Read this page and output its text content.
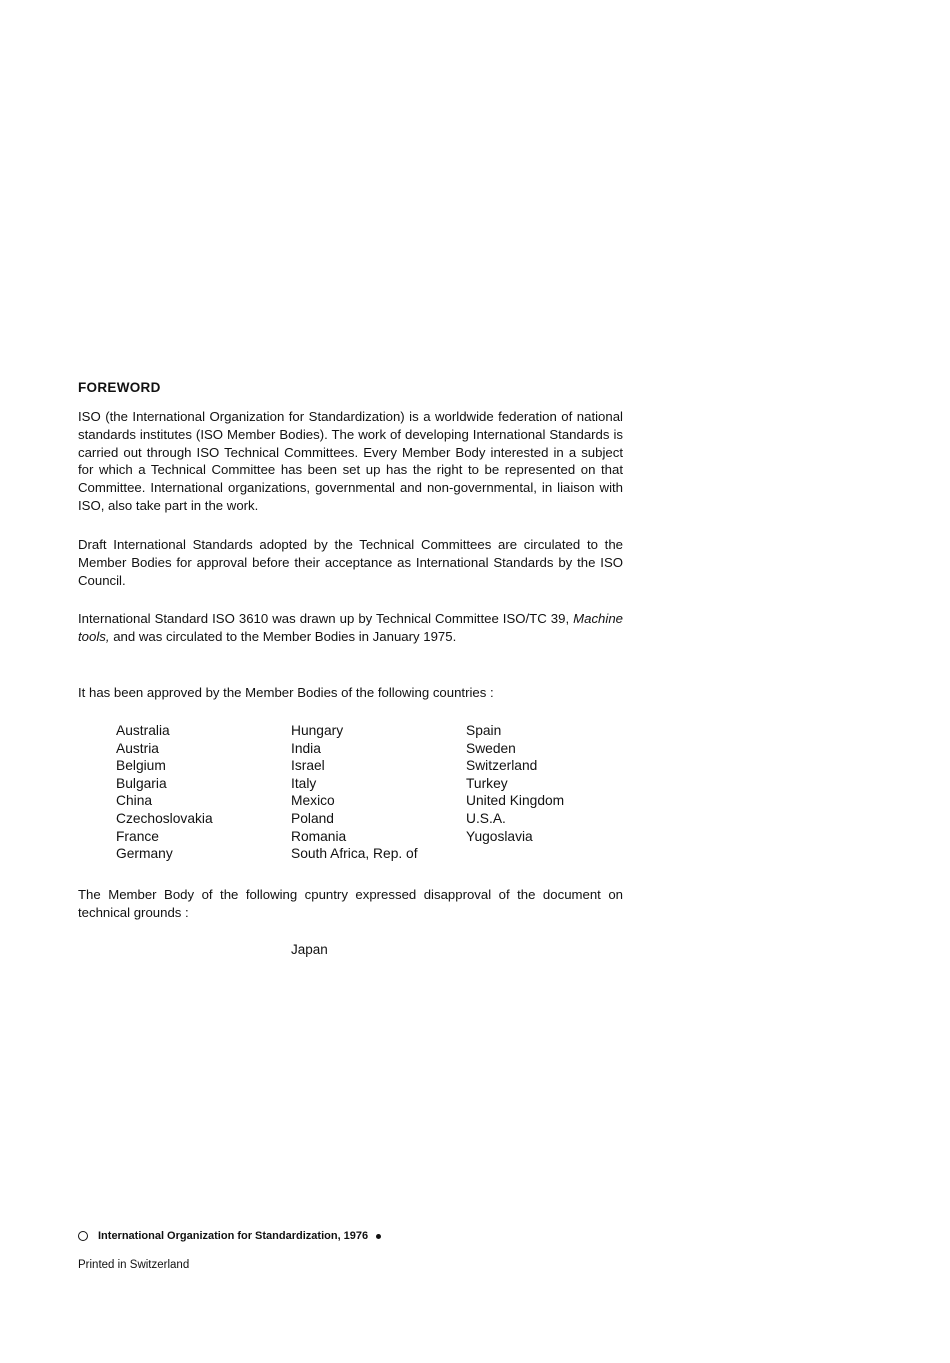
FOREWORD

ISO (the International Organization for Standardization) is a worldwide federation of national standards institutes (ISO Member Bodies). The work of developing International Standards is carried out through ISO Technical Committees. Every Member Body interested in a subject for which a Technical Committee has been set up has the right to be represented on that Committee. International organizations, governmental and non-governmental, in liaison with ISO, also take part in the work.

Draft International Standards adopted by the Technical Committees are circulated to the Member Bodies for approval before their acceptance as International Standards by the ISO Council.

International Standard ISO 3610 was drawn up by Technical Committee ISO/TC 39, Machine tools, and was circulated to the Member Bodies in January 1975.

It has been approved by the Member Bodies of the following countries :

Australia
Austria
Belgium
Bulgaria
China
Czechoslovakia
France
Germany
Hungary
India
Israel
Italy
Mexico
Poland
Romania
South Africa, Rep. of
Spain
Sweden
Switzerland
Turkey
United Kingdom
U.S.A.
Yugoslavia

The Member Body of the following cpuntry expressed disapproval of the document on technical grounds :

Japan
International Organization for Standardization, 1976
Printed in Switzerland
